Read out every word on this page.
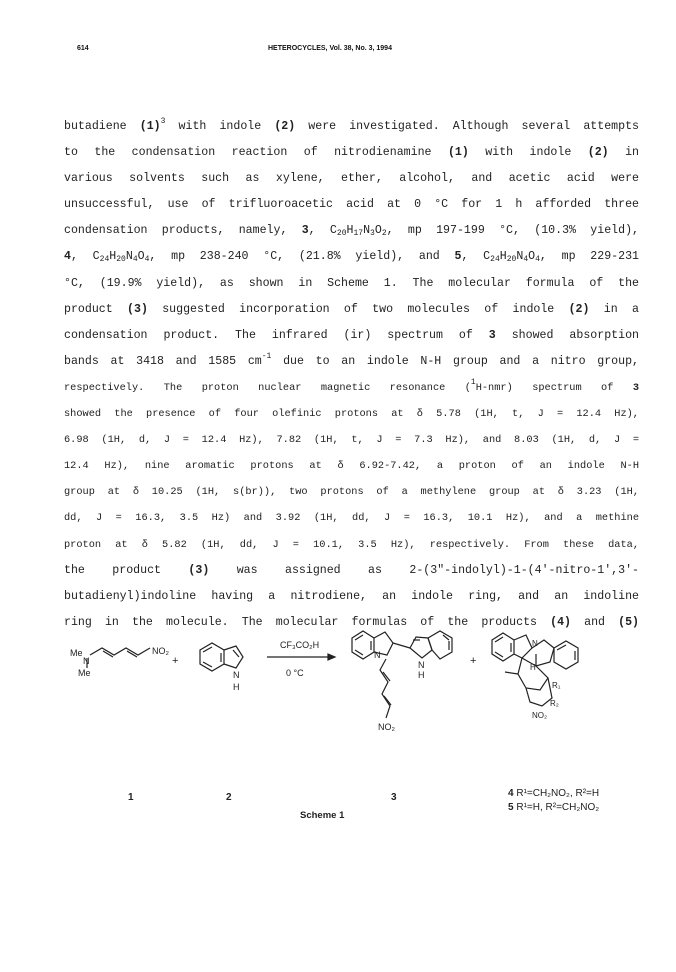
614	HETEROCYCLES, Vol. 38, No. 3, 1994
butadiene $(1)^3$ with indole (2) were investigated. Although several attempts
to the condensation reaction of nitrodienamine (1) with indole (2) in
various solvents such as xylene, ether, alcohol, and acetic acid were
unsuccessful, use of trifluoroacetic acid at 0 °C for 1 h afforded three
condensation products, namely, 3, $C_{20}H_{17}N_3O_2$, mp 197-199 °C, (10.3% yield),
4, $C_{24}H_{20}N_4O_4$, mp 238-240 °C, (21.8% yield), and 5, $C_{24}H_{20}N_4O_4$, mp 229-231
°C, (19.9% yield), as shown in Scheme 1. The molecular formula of the
product (3) suggested incorporation of two molecules of indole (2) in a
condensation product. The infrared (ir) spectrum of 3 showed absorption
bands at 3418 and 1585 $cm^{-1}$ due to an indole N-H group and a nitro group,
respectively. The proton nuclear magnetic resonance ($^1$H-nmr) spectrum of 3
showed the presence of four olefinic protons at δ 5.78 (1H, t, J = 12.4 Hz),
6.98 (1H, d, J = 12.4 Hz), 7.82 (1H, t, J = 7.3 Hz), and 8.03 (1H, d, J =
12.4 Hz), nine aromatic protons at δ 6.92-7.42, a proton of an indole N-H
group at δ 10.25 (1H, s(br)), two protons of a methylene group at δ 3.23 (1H,
dd, J = 16.3, 3.5 Hz) and 3.92 (1H, dd, J = 16.3, 10.1 Hz), and a methine
proton at δ 5.82 (1H, dd, J = 10.1, 3.5 Hz), respectively. From these data,
the product (3) was assigned as 2-(3"-indolyl)-1-(4'-nitro-1',3'-
butadienyl)indoline having a nitrodiene, an indole ring, and an indoline
ring in the molecule. The molecular formulas of the products (4) and (5)
Me
N
Me
NO₂
+
N
H
CF₃CO₂H
0 °C
N
N
H
NO₂
+
N
H
R₁
R₂
NO₂
1	2	3	4 R¹=CH₂NO₂, R²=H
5 R¹=H, R²=CH₂NO₂
Scheme 1
